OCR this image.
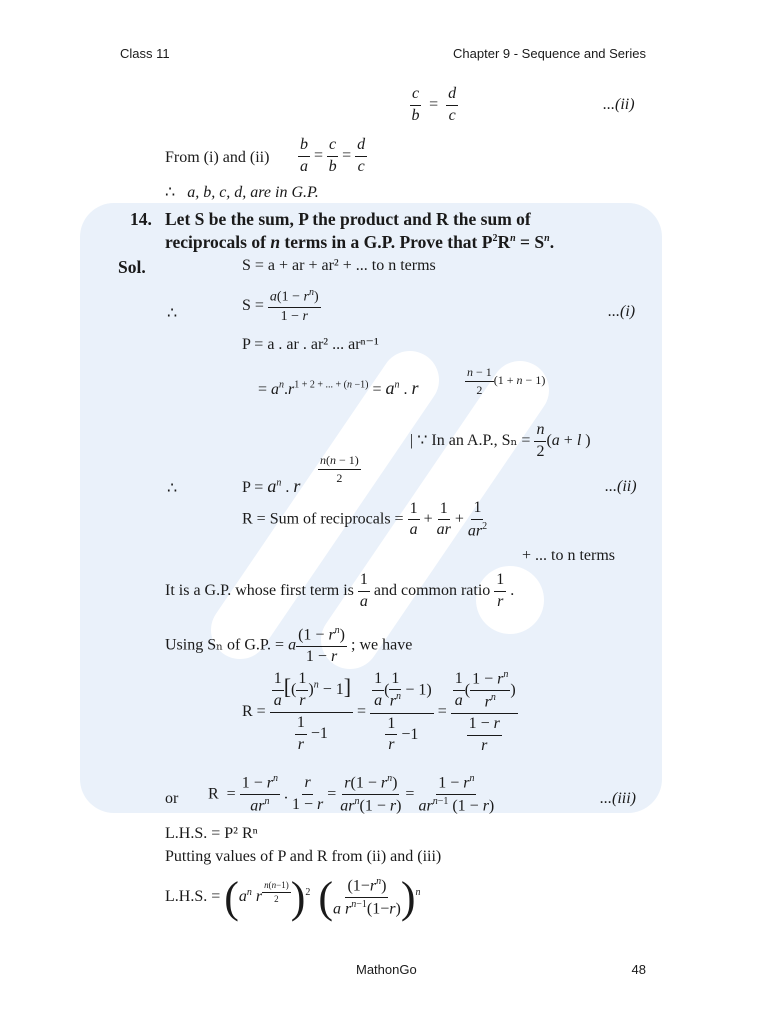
Class 11	Chapter 9 - Sequence and Series
$\frac{c}{b} = \frac{d}{c}$	...(ii)
From (i) and $(ii) \frac{b}{a} = \frac{c}{b} = \frac{d}{c}$
∴   a, b, c, d, are in G.P.
14. Let S be the sum, P the product and R the sum of
reciprocals of n terms in a G.P. Prove that $P^2R^n = S^n$.
Sol.	S = a + ar + ar² + ... to n terms
∴	$S = \frac{a(1 - r^n)}{1 - r}$	...(i)
P = a . ar . ar² ... arⁿ⁻¹
= $a^n.r^{1 + 2 + ... + (n -1)} = a^n$ . r	$\frac{n - 1}{2} (1 + n - 1)$
| ∵ In an A.P., $S_n = \frac{n}{2} (a + l$ )
∴	$P = a^n$ . r
$\frac{n(n - 1)}{2}$
...(ii)
R = Sum of reciprocals = $\frac{1}{a} + \frac{1}{ar} + \frac{1}{ar^2}$
+ ... to n terms
It is a G.P. whose first term is $\frac{1}{a}$ and common ratio $\frac{1}{r}$ .
Using Sₙ of G.P. = a $\frac{(1 - r^n)}{1 - r}$ ; we have
$R = \frac{\frac{1}{a} [( \frac{1}{r} )^n - 1]}{\frac{1}{r} -1} = \frac{\frac{1}{a} ( \frac{1}{r^n} - 1)}{\frac{1}{r} -1} = \frac{\frac{1}{a} ( \frac{1 - r^n}{r^n} )}{\frac{1 - r}{r}}$
or $R = \frac{1 - r^n}{ar^n}$ . $\frac{r}{1 - r} = \frac{r(1 - r^n)}{ar^n(1 - r)} = \frac{1 - r^n}{ar^{n-1} (1 - r)}$	...(iii)
L.H.S. = P² Rⁿ
Putting values of P and R from (ii) and (iii)
L.H.S. = ($a^n$ r $^{\frac{n(n-1)}{2}}$ )$^2$ ( $\frac{(1-r^n)}{a r^{n-1}(1-r)} )^n$
MathonGo	48
